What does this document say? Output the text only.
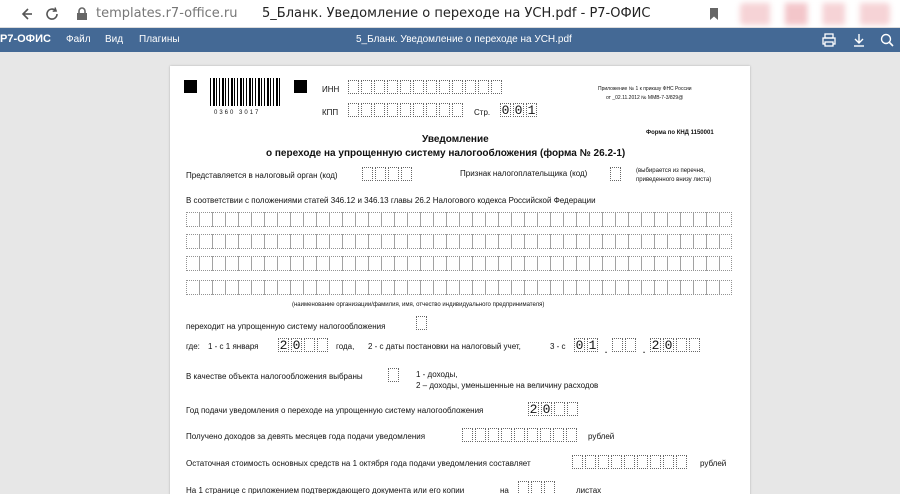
templates.r7-office.ru 5_Бланк. Уведомление о переходе на УСН.pdf - Р7-ОФИС
Р7-ОФИС Файл Вид Плагины	5_Бланк. Уведомление о переходе на УСН.pdf
0360 3017
ИНН
КПП	Стр. 0 0 1
Приложение № 1 к приказу ФНС России
от _02.11.2012 № ММВ-7-3/829@
Форма по КНД 1150001
Уведомление
о переходе на упрощенную систему налогообложения (форма № 26.2-1)
Представляется в налоговый орган (код)	Признак налогоплательщика (код)	(выбирается из перечня,
приведенного внизу листа)
В соответствии с положениями статей 346.12 и 346.13 главы 26.2 Налогового кодекса Российской Федерации
(наименование организации/фамилия, имя, отчество индивидуального предпринимателя)
переходит на упрощенную систему налогообложения
где: 1 - с 1 января 2 0	года, 2 - с даты постановки на налоговый учет,	3 - с 0 1 .	. 2 0
В качестве объекта налогообложения выбраны	1 - доходы,
2 – доходы, уменьшенные на величину расходов
Год подачи уведомления о переходе на упрощенную систему налогообложения	2 0
Получено доходов за девять месяцев года подачи уведомления	рублей
Остаточная стоимость основных средств на 1 октября года подачи уведомления составляет	рублей
На 1 странице с приложением подтверждающего документа или его копии	на	листах
